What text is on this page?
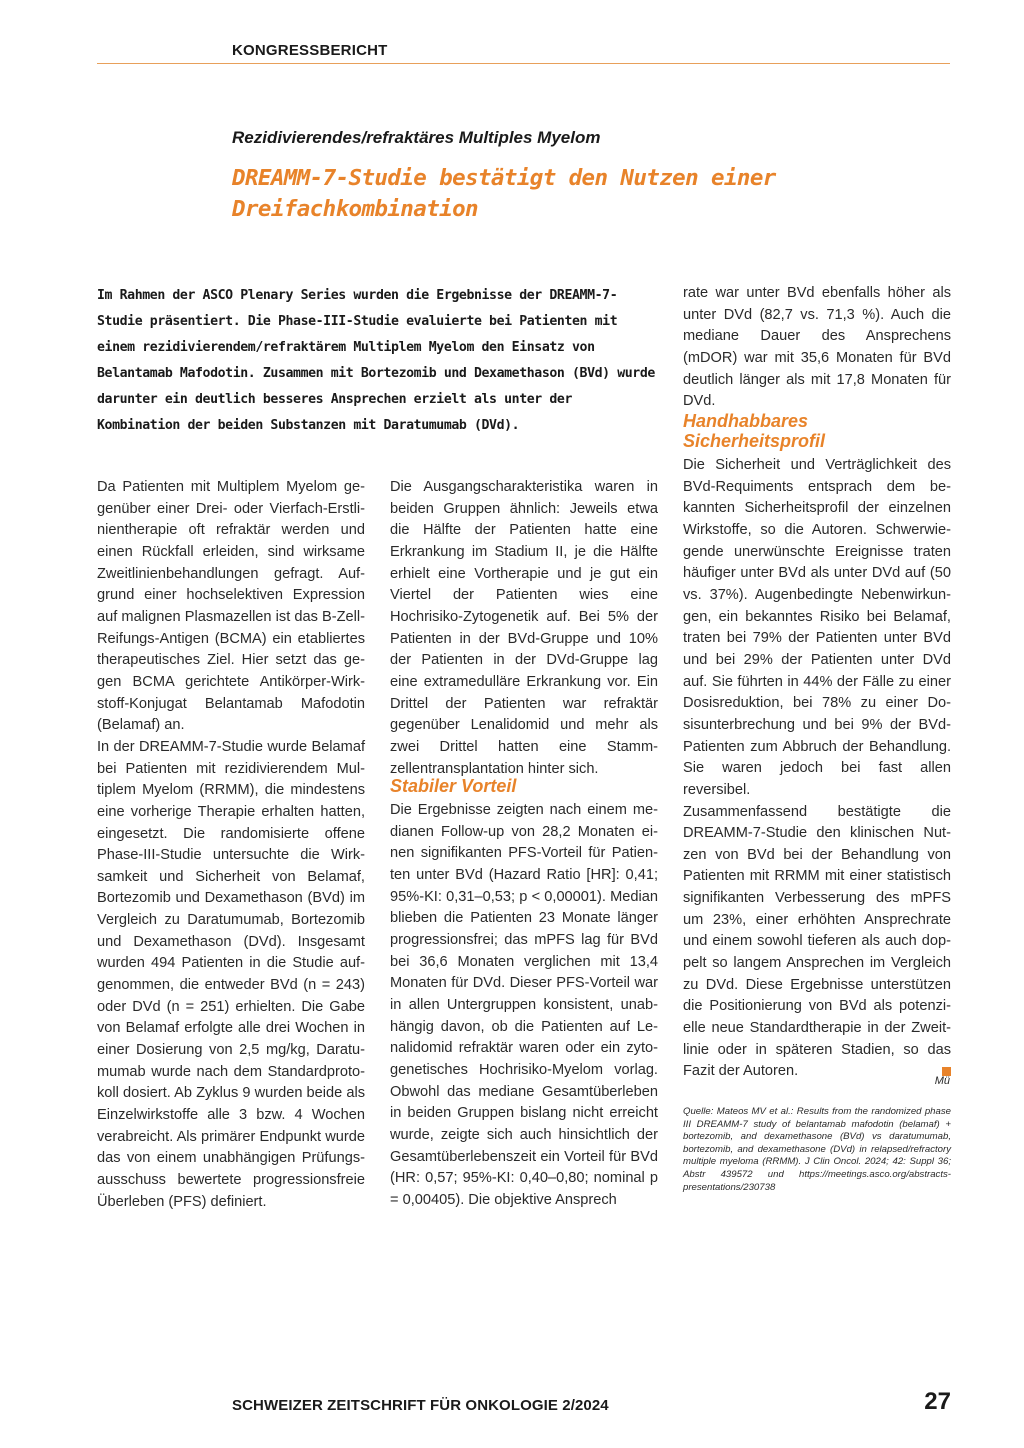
KONGRESSBERICHT
Rezidivierendes/refraktäres Multiples Myelom
DREAMM-7-Studie bestätigt den Nutzen einer Dreifachkombination
Im Rahmen der ASCO Plenary Series wurden die Ergebnisse der DREAMM-7-Studie präsentiert. Die Phase-III-Studie evaluierte bei Patienten mit einem rezidivierendem/refraktärem Multiplem Myelom den Einsatz von Belantamab Mafodotin. Zusammen mit Bortezomib und Dexamethason (BVd) wurde darunter ein deutlich besseres Ansprechen erzielt als unter der Kombination der beiden Substanzen mit Daratumumab (DVd).

Da Patienten mit Multiplem Myelom gegenüber einer Drei- oder Vierfach-Erstlinientherapie oft refraktär werden und einen Rückfall erleiden, sind wirksame Zweitlinienbehandlungen gefragt. Aufgrund einer hochselektiven Expression auf malignen Plasmazellen ist das B-Zell-Reifungs-Antigen (BCMA) ein etabliertes therapeutisches Ziel. Hier setzt das gegen BCMA gerichtete Antikörper-Wirkstoff-Konjugat Belantamab Mafodotin (Belamaf) an.

In der DREAMM-7-Studie wurde Belamaf bei Patienten mit rezidivierendem Multiplem Myelom (RRMM), die mindestens eine vorherige Therapie erhalten hatten, eingesetzt. Die randomisierte offene Phase-III-Studie untersuchte die Wirksamkeit und Sicherheit von Belamaf, Bortezomib und Dexamethason (BVd) im Vergleich zu Daratumumab, Bortezomib und Dexamethason (DVd). Insgesamt wurden 494 Patienten in die Studie aufgenommen, die entweder BVd (n = 243) oder DVd (n = 251) erhielten. Die Gabe von Belamaf erfolgte alle drei Wochen in einer Dosierung von 2,5 mg/kg, Daratumumab wurde nach dem Standardprotokoll dosiert. Ab Zyklus 9 wurden beide als Einzelwirkstoffe alle 3 bzw. 4 Wochen verabreicht. Als primärer Endpunkt wurde das von einem unabhängigen Prüfungsausschuss bewertete progressionsfreie Überleben (PFS) definiert.

Die Ausgangscharakteristika waren in beiden Gruppen ähnlich: Jeweils etwa die Hälfte der Patienten hatte eine Erkrankung im Stadium II, je die Hälfte erhielt eine Vortherapie und je gut ein Viertel der Patienten wies eine Hochrisiko-Zytogenetik auf. Bei 5% der Patienten in der BVd-Gruppe und 10% der Patienten in der DVd-Gruppe lag eine extramedulläre Erkrankung vor. Ein Drittel der Patienten war refraktär gegenüber Lenalidomid und mehr als zwei Drittel hatten eine Stammzellentransplantation hinter sich.

Stabiler Vorteil

Die Ergebnisse zeigten nach einem medianen Follow-up von 28,2 Monaten einen signifikanten PFS-Vorteil für Patienten unter BVd (Hazard Ratio [HR]: 0,41; 95%-KI: 0,31–0,53; p < 0,00001). Median blieben die Patienten 23 Monate länger progressionsfrei; das mPFS lag für BVd bei 36,6 Monaten verglichen mit 13,4 Monaten für DVd. Dieser PFS-Vorteil war in allen Untergruppen konsistent, unabhängig davon, ob die Patienten auf Lenalidomid refraktär waren oder ein zytogenetisches Hochrisiko-Myelom vorlag. Obwohl das mediane Gesamtüberleben in beiden Gruppen bislang nicht erreicht wurde, zeigte sich auch hinsichtlich der Gesamtüberlebenszeit ein Vorteil für BVd (HR: 0,57; 95%-KI: 0,40–0,80; nominal p = 0,00405). Die objektive Ansprech

rate war unter BVd ebenfalls höher als unter DVd (82,7 vs. 71,3 %). Auch die mediane Dauer des Ansprechens (mDOR) war mit 35,6 Monaten für BVd deutlich länger als mit 17,8 Monaten für DVd.

Handhabbares Sicherheitsprofil

Die Sicherheit und Verträglichkeit des BVd-Requiments entsprach dem bekannten Sicherheitsprofil der einzelnen Wirkstoffe, so die Autoren. Schwerwiegende unerwünschte Ereignisse traten häufiger unter BVd als unter DVd auf (50 vs. 37%). Augenbedingte Nebenwirkungen, ein bekanntes Risiko bei Belamaf, traten bei 79% der Patienten unter BVd und bei 29% der Patienten unter DVd auf. Sie führten in 44% der Fälle zu einer Dosisreduktion, bei 78% zu einer Dosisunterbrechung und bei 9% der BVd-Patienten zum Abbruch der Behandlung. Sie waren jedoch bei fast allen reversibel.

Zusammenfassend bestätigte die DREAMM-7-Studie den klinischen Nutzen von BVd bei der Behandlung von Patienten mit RRMM mit einer statistisch signifikanten Verbesserung des mPFS um 23%, einer erhöhten Ansprechrate und einem sowohl tieferen als auch doppelt so langem Ansprechen im Vergleich zu DVd. Diese Ergebnisse unterstützen die Positionierung von BVd als potenzielle neue Standardtherapie in der Zweitlinie oder in späteren Stadien, so das Fazit der Autoren.

Mü
Quelle: Mateos MV et al.: Results from the randomized phase III DREAMM-7 study of belantamab mafodotin (belamaf) + bortezomib, and dexamethasone (BVd) vs daratumumab, bortezomib, and dexamethasone (DVd) in relapsed/refractory multiple myeloma (RRMM). J Clin Oncol. 2024; 42: Suppl 36; Abstr 439572 und https://meetings.asco.org/abstracts-presentations/230738
SCHWEIZER ZEITSCHRIFT FÜR ONKOLOGIE 2/2024	27
